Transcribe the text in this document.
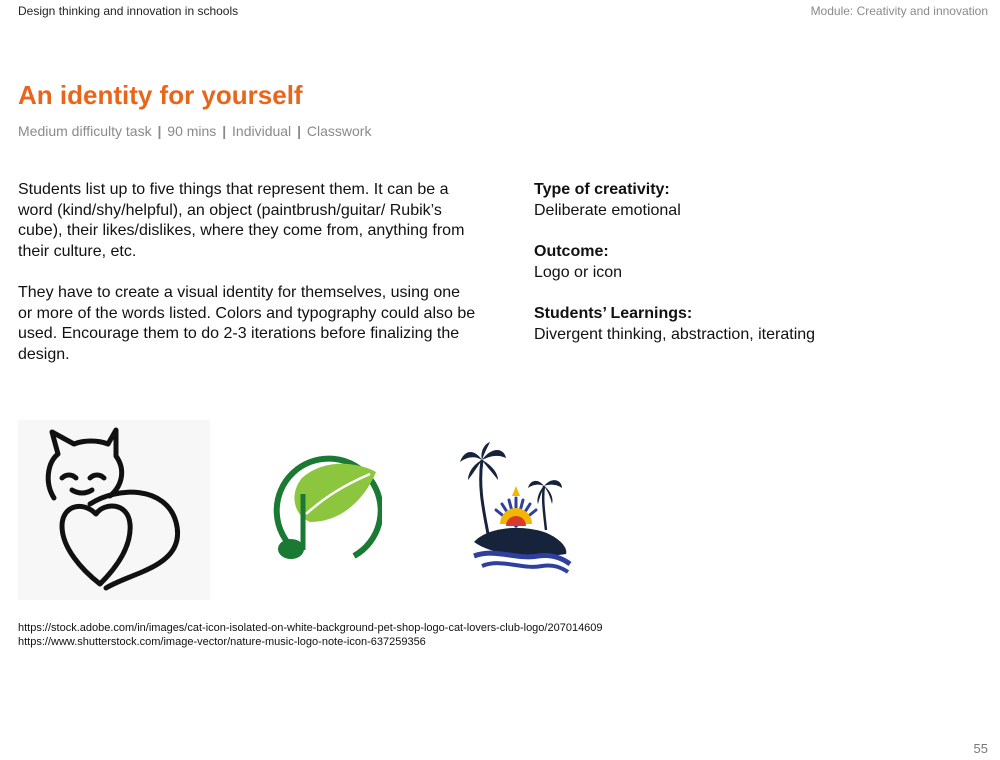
Design thinking and innovation in schools	Module: Creativity and innovation
An identity for yourself
Medium difficulty task | 90 mins | Individual | Classwork

Students list up to five things that represent them. It can be a word (kind/shy/helpful), an object (paintbrush/guitar/ Rubik’s cube), their likes/dislikes, where they come from, anything from their culture, etc.

They have to create a visual identity for themselves, using one or more of the words listed. Colors and typography could also be used. Encourage them to do 2-3 iterations before finalizing the design.

Type of creativity:
Deliberate emotional
Outcome:
Logo or icon
Students’ Learnings:
Divergent thinking, abstraction, iterating
https://stock.adobe.com/in/images/cat-icon-isolated-on-white-background-pet-shop-logo-cat-lovers-club-logo/207014609
https://www.shutterstock.com/image-vector/nature-music-logo-note-icon-637259356
55
